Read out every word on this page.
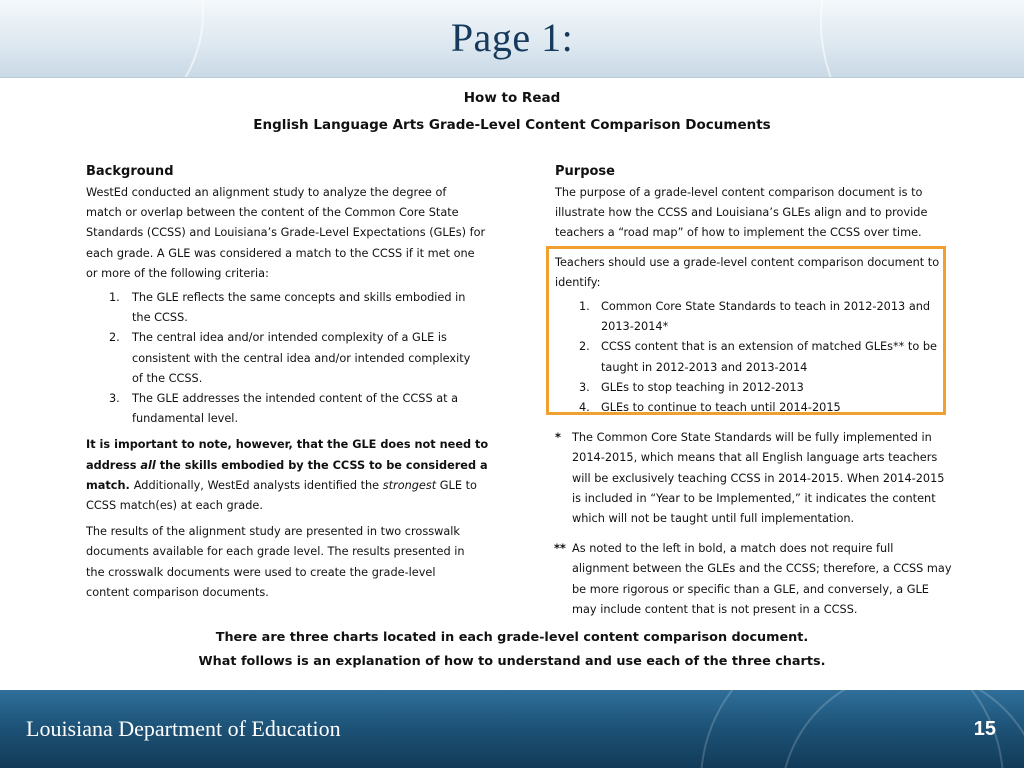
Page 1:
How to Read
English Language Arts Grade-Level Content Comparison Documents
Background

WestEd conducted an alignment study to analyze the degree of

match or overlap between the content of the Common Core State

Standards (CCSS) and Louisiana’s Grade-Level Expectations (GLEs) for

each grade. A GLE was considered a match to the CCSS if it met one

or more of the following criteria:

1. The GLE reflects the same concepts and skills embodied in
the CCSS.
2. The central idea and/or intended complexity of a GLE is
consistent with the central idea and/or intended complexity
of the CCSS.
3. The GLE addresses the intended content of the CCSS at a
fundamental level.

It is important to note, however, that the GLE does not need to

address all the skills embodied by the CCSS to be considered a

match. Additionally, WestEd analysts identified the strongest GLE to

CCSS match(es) at each grade.

The results of the alignment study are presented in two crosswalk

documents available for each grade level. The results presented in

the crosswalk documents were used to create the grade-level

content comparison documents.

Purpose

The purpose of a grade-level content comparison document is to

illustrate how the CCSS and Louisiana’s GLEs align and to provide

teachers a “road map” of how to implement the CCSS over time.

Teachers should use a grade-level content comparison document to

identify:

1. Common Core State Standards to teach in 2012-2013 and
2013-2014*
2. CCSS content that is an extension of matched GLEs** to be
taught in 2012-2013 and 2013-2014
3. GLEs to stop teaching in 2012-2013
4. GLEs to continue to teach until 2014-2015
* The Common Core State Standards will be fully implemented in
2014-2015, which means that all English language arts teachers
will be exclusively teaching CCSS in 2014-2015. When 2014-2015
is included in “Year to be Implemented,” it indicates the content
which will not be taught until full implementation.
** As noted to the left in bold, a match does not require full
alignment between the GLEs and the CCSS; therefore, a CCSS may
be more rigorous or specific than a GLE, and conversely, a GLE
may include content that is not present in a CCSS.
There are three charts located in each grade-level content comparison document.
What follows is an explanation of how to understand and use each of the three charts.
Louisiana Department of Education	15
